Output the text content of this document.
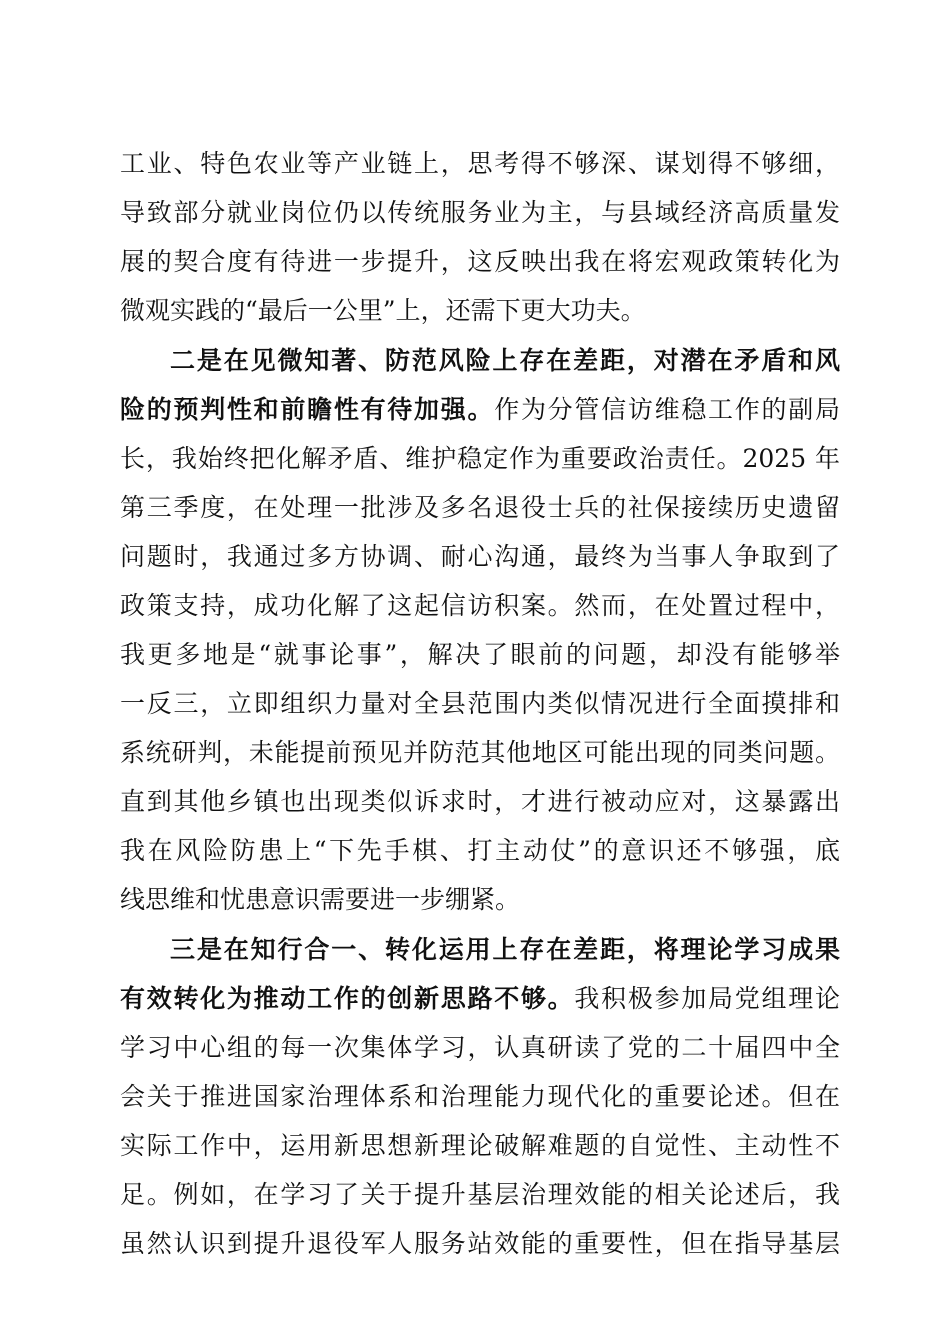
工业、特色农业等产业链上，思考得不够深、谋划得不够细，
导致部分就业岗位仍以传统服务业为主，与县域经济高质量发
展的契合度有待进一步提升，这反映出我在将宏观政策转化为
微观实践的“最后一公里”上，还需下更大功夫。
二是在见微知著、防范风险上存在差距，对潜在矛盾和风
险的预判性和前瞻性有待加强。作为分管信访维稳工作的副局
长，我始终把化解矛盾、维护稳定作为重要政治责任。2025 年
第三季度，在处理一批涉及多名退役士兵的社保接续历史遗留
问题时，我通过多方协调、耐心沟通，最终为当事人争取到了
政策支持，成功化解了这起信访积案。然而，在处置过程中，
我更多地是“就事论事”，解决了眼前的问题，却没有能够举
一反三，立即组织力量对全县范围内类似情况进行全面摸排和
系统研判，未能提前预见并防范其他地区可能出现的同类问题。
直到其他乡镇也出现类似诉求时，才进行被动应对，这暴露出
我在风险防患上“下先手棋、打主动仗”的意识还不够强，底
线思维和忧患意识需要进一步绷紧。
三是在知行合一、转化运用上存在差距，将理论学习成果
有效转化为推动工作的创新思路不够。我积极参加局党组理论
学习中心组的每一次集体学习，认真研读了党的二十届四中全
会关于推进国家治理体系和治理能力现代化的重要论述。但在
实际工作中，运用新思想新理论破解难题的自觉性、主动性不
足。例如，在学习了关于提升基层治理效能的相关论述后，我
虽然认识到提升退役军人服务站效能的重要性，但在指导基层
